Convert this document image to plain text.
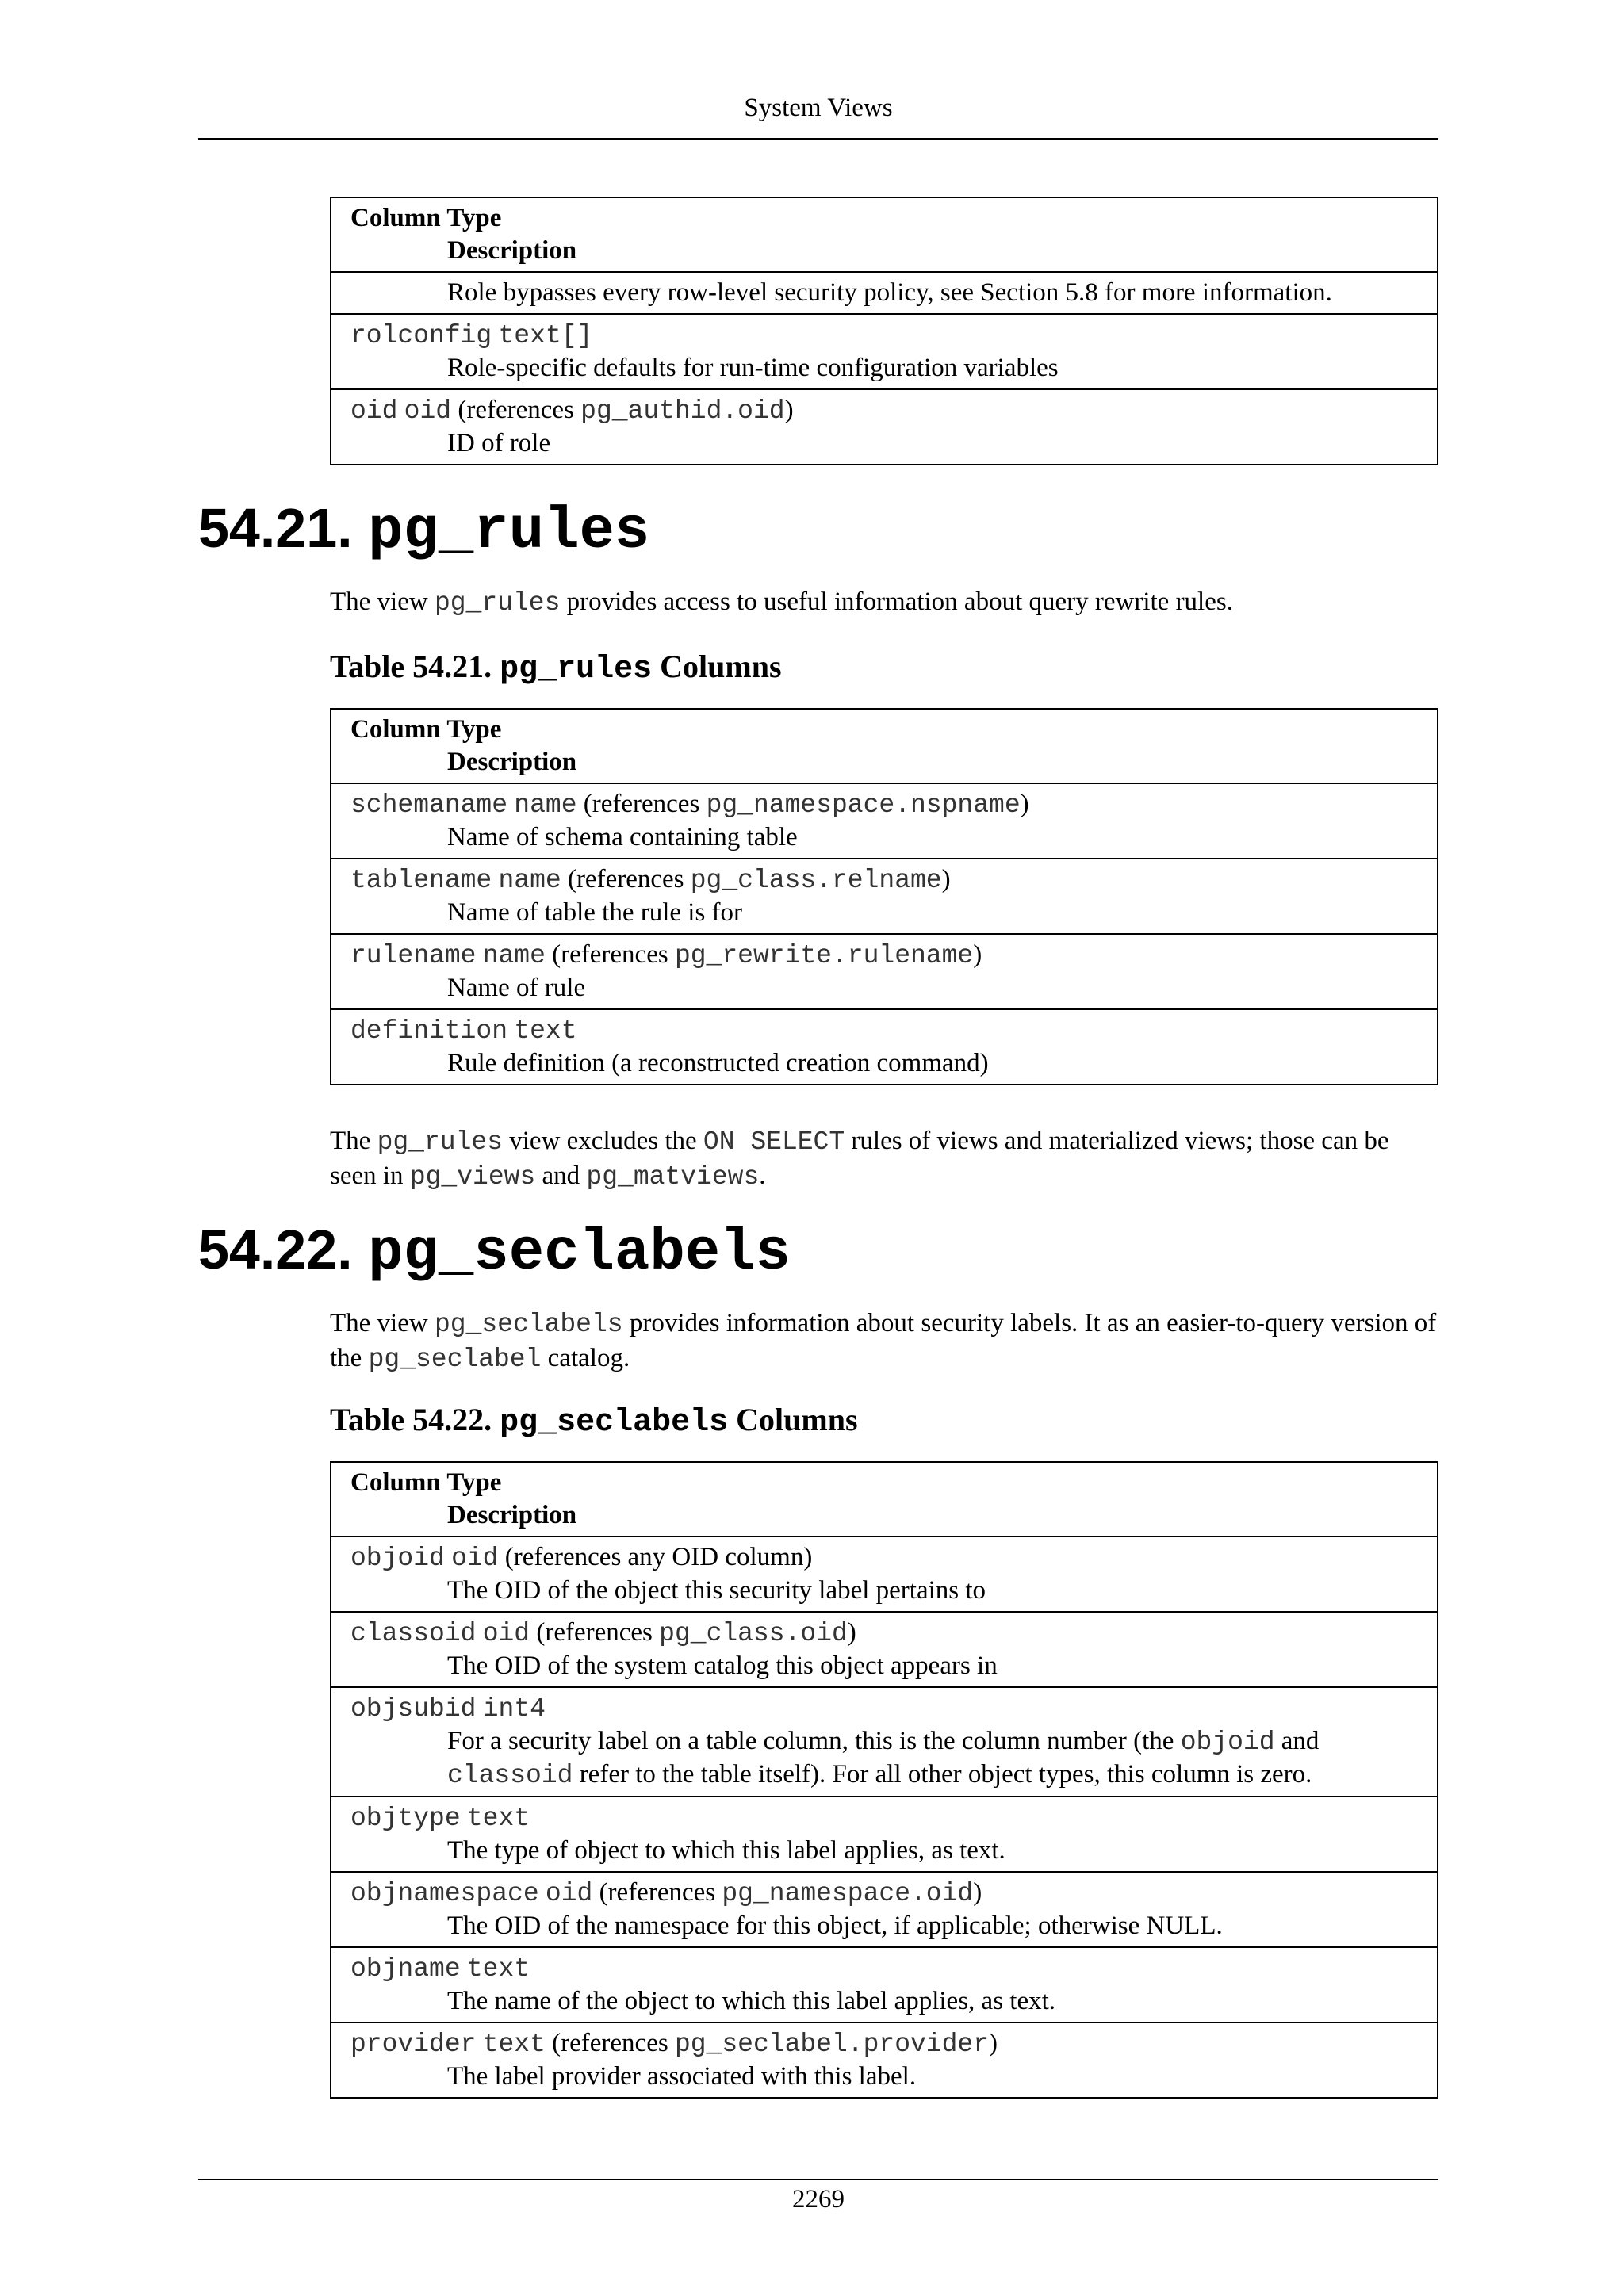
System Views
Column Type
Description

Role bypasses every row-level security policy, see Section 5.8 for more information.

rolconfig text[]
Role-specific defaults for run-time configuration variables

oid oid (references pg_authid.oid)
ID of role
54.21. pg_rules
The view pg_rules provides access to useful information about query rewrite rules.
Table 54.21. pg_rules Columns
Column Type
Description

schemaname name (references pg_namespace.nspname)
Name of schema containing table

tablename name (references pg_class.relname)
Name of table the rule is for

rulename name (references pg_rewrite.rulename)
Name of rule

definition text
Rule definition (a reconstructed creation command)
The pg_rules view excludes the ON SELECT rules of views and materialized views; those can be seen in pg_views and pg_matviews.
54.22. pg_seclabels
The view pg_seclabels provides information about security labels. It as an easier-to-query version of the pg_seclabel catalog.
Table 54.22. pg_seclabels Columns
Column Type
Description

objoid oid (references any OID column)
The OID of the object this security label pertains to

classoid oid (references pg_class.oid)
The OID of the system catalog this object appears in

objsubid int4
For a security label on a table column, this is the column number (the objoid and classoid refer to the table itself). For all other object types, this column is zero.

objtype text
The type of object to which this label applies, as text.

objnamespace oid (references pg_namespace.oid)
The OID of the namespace for this object, if applicable; otherwise NULL.

objname text
The name of the object to which this label applies, as text.

provider text (references pg_seclabel.provider)
The label provider associated with this label.
2269
